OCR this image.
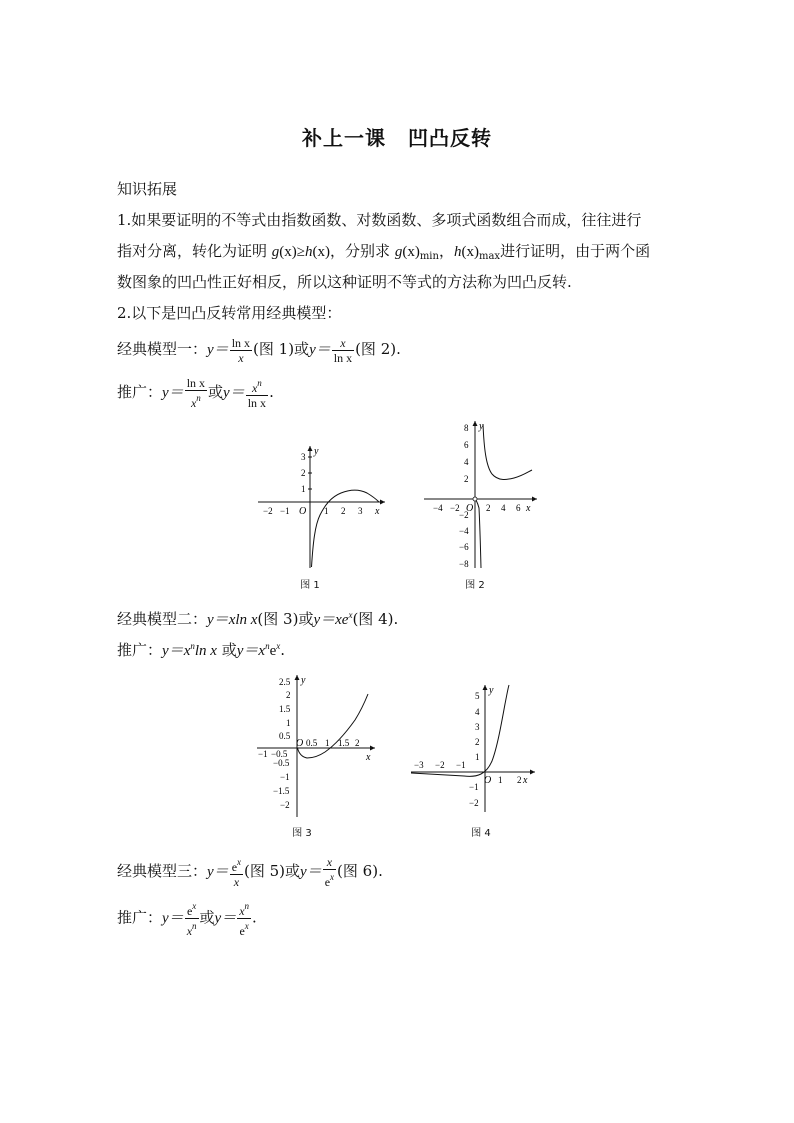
补上一课 凹凸反转
知识拓展
1.如果要证明的不等式由指数函数、对数函数、多项式函数组合而成，往往进行
指对分离，转化为证明 g(x)≥h(x)，分别求 $g(x)_{min}$，$h(x)_{max}$进行证明，由于两个函
数图象的凹凸性正好相反，所以这种证明不等式的方法称为凹凸反转.
2.以下是凹凸反转常用经典模型：
经典模型一：$y= \frac{\text{ln x}}{x}$ (图 1)或$y= \frac{x}{\text{ln x}}$ (图 2).
推广：$y= \frac{\text{ln x}}{x^n}$ 或$y= \frac{x^n}{\text{ln x}}$ .
x
y
O
−2 −1	1 2 3
3
2
1
图 1
x
y
O
−4 −2	2 4 6
8
6
4
2
−2
−4
−6
−8
图 2
经典模型二：y＝xln x(图 3)或$y=xe^x$(图 4).
推广：$y=x^n\ln$ x 或$y=x^ne^x$.
x
y
O
−1 −0.5
0.5 1 1.5 2
2.5
2
1.5
1
0.5
−0.5
−1
−1.5
−2
图 3
x
y
O
−3 −2 −1
1 2
5
4
3
2
1
−1
−2
图 4
经典模型三：$y= \frac{e^x}{x}$ (图 5)或$y= \frac{x}{e^x}$ (图 6).
推广：$y= \frac{e^x}{x^n}$ 或$y= \frac{x^n}{e^x}$ .
